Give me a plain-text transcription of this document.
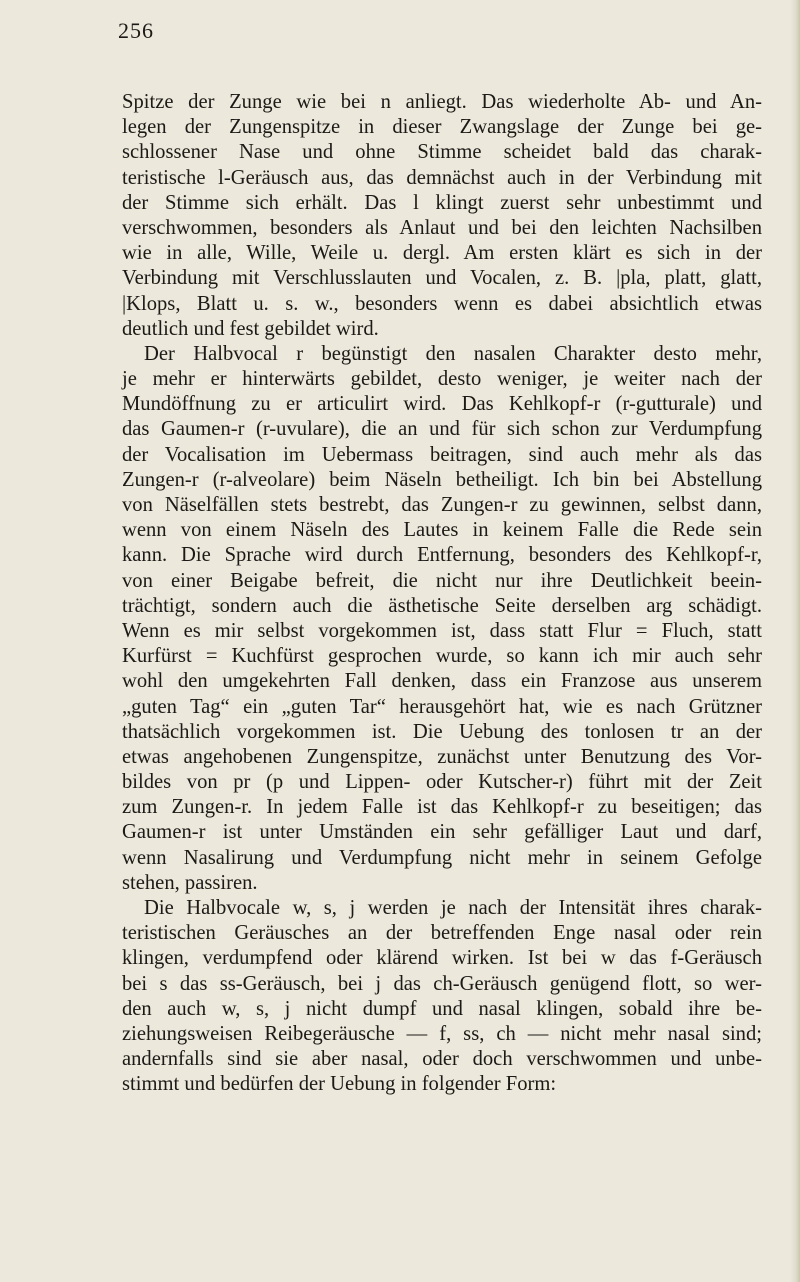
256
Spitze der Zunge wie bei n anliegt. Das wiederholte Ab- und An-
legen der Zungenspitze in dieser Zwangslage der Zunge bei ge-
schlossener Nase und ohne Stimme scheidet bald das charak-
teristische l-Geräusch aus, das demnächst auch in der Verbindung mit
der Stimme sich erhält. Das l klingt zuerst sehr unbestimmt und
verschwommen, besonders als Anlaut und bei den leichten Nachsilben
wie in alle, Wille, Weile u. dergl. Am ersten klärt es sich in der
Verbindung mit Verschlusslauten und Vocalen, z. B. |pla, platt, glatt,
|Klops, Blatt u. s. w., besonders wenn es dabei absichtlich etwas
deutlich und fest gebildet wird.
Der Halbvocal r begünstigt den nasalen Charakter desto mehr,
je mehr er hinterwärts gebildet, desto weniger, je weiter nach der
Mundöffnung zu er articulirt wird. Das Kehlkopf-r (r-gutturale) und
das Gaumen-r (r-uvulare), die an und für sich schon zur Verdumpfung
der Vocalisation im Uebermass beitragen, sind auch mehr als das
Zungen-r (r-alveolare) beim Näseln betheiligt. Ich bin bei Abstellung
von Näselfällen stets bestrebt, das Zungen-r zu gewinnen, selbst dann,
wenn von einem Näseln des Lautes in keinem Falle die Rede sein
kann. Die Sprache wird durch Entfernung, besonders des Kehlkopf-r,
von einer Beigabe befreit, die nicht nur ihre Deutlichkeit beein-
trächtigt, sondern auch die ästhetische Seite derselben arg schädigt.
Wenn es mir selbst vorgekommen ist, dass statt Flur = Fluch, statt
Kurfürst = Kuchfürst gesprochen wurde, so kann ich mir auch sehr
wohl den umgekehrten Fall denken, dass ein Franzose aus unserem
„guten Tag“ ein „guten Tar“ herausgehört hat, wie es nach Grützner
thatsächlich vorgekommen ist. Die Uebung des tonlosen tr an der
etwas angehobenen Zungenspitze, zunächst unter Benutzung des Vor-
bildes von pr (p und Lippen- oder Kutscher-r) führt mit der Zeit
zum Zungen-r. In jedem Falle ist das Kehlkopf-r zu beseitigen; das
Gaumen-r ist unter Umständen ein sehr gefälliger Laut und darf,
wenn Nasalirung und Verdumpfung nicht mehr in seinem Gefolge
stehen, passiren.
Die Halbvocale w, s, j werden je nach der Intensität ihres charak-
teristischen Geräusches an der betreffenden Enge nasal oder rein
klingen, verdumpfend oder klärend wirken. Ist bei w das f-Geräusch
bei s das ss-Geräusch, bei j das ch-Geräusch genügend flott, so wer-
den auch w, s, j nicht dumpf und nasal klingen, sobald ihre be-
ziehungsweisen Reibegeräusche — f, ss, ch — nicht mehr nasal sind;
andernfalls sind sie aber nasal, oder doch verschwommen und unbe-
stimmt und bedürfen der Uebung in folgender Form:
